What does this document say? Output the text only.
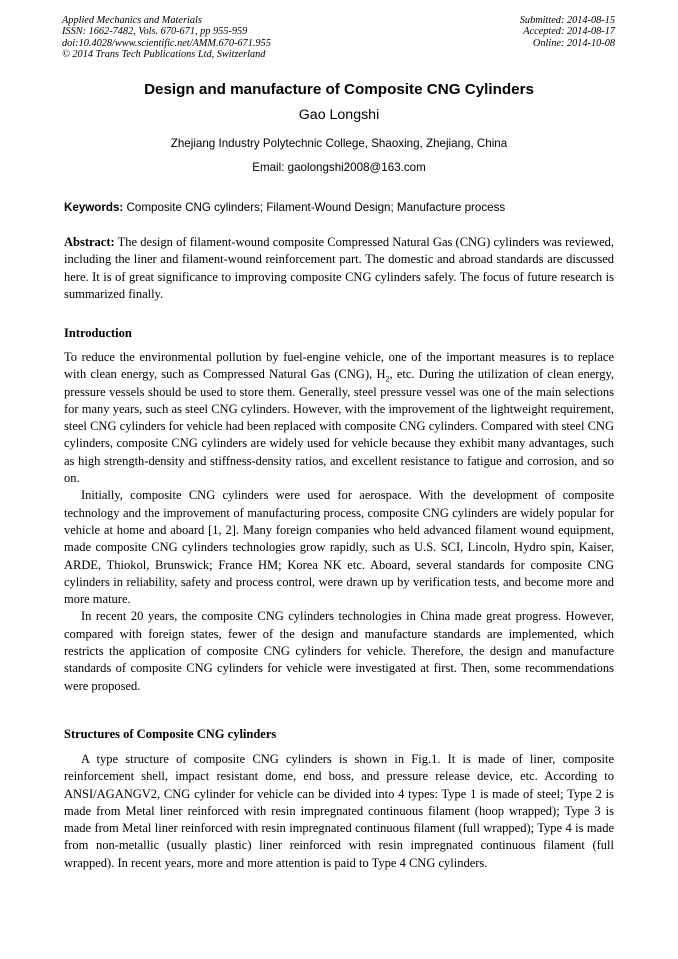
Applied Mechanics and Materials
ISSN: 1662-7482, Vols. 670-671, pp 955-959
doi:10.4028/www.scientific.net/AMM.670-671.955
© 2014 Trans Tech Publications Ltd, Switzerland
Submitted: 2014-08-15
Accepted: 2014-08-17
Online: 2014-10-08
Design and manufacture of Composite CNG Cylinders
Gao Longshi
Zhejiang Industry Polytechnic College, Shaoxing, Zhejiang, China
Email: gaolongshi2008@163.com
Keywords: Composite CNG cylinders; Filament-Wound Design; Manufacture process
Abstract: The design of filament-wound composite Compressed Natural Gas (CNG) cylinders was reviewed, including the liner and filament-wound reinforcement part. The domestic and abroad standards are discussed here. It is of great significance to improving composite CNG cylinders safely. The focus of future research is summarized finally.
Introduction

To reduce the environmental pollution by fuel-engine vehicle, one of the important measures is to replace with clean energy, such as Compressed Natural Gas (CNG), $H_2$, etc. During the utilization of clean energy, pressure vessels should be used to store them. Generally, steel pressure vessel was one of the main selections for many years, such as steel CNG cylinders. However, with the improvement of the lightweight requirement, steel CNG cylinders for vehicle had been replaced with composite CNG cylinders. Compared with steel CNG cylinders, composite CNG cylinders are widely used for vehicle because they exhibit many advantages, such as high strength-density and stiffness-density ratios, and excellent resistance to fatigue and corrosion, and so on.

Initially, composite CNG cylinders were used for aerospace. With the development of composite technology and the improvement of manufacturing process, composite CNG cylinders are widely popular for vehicle at home and aboard [1, 2]. Many foreign companies who held advanced filament wound equipment, made composite CNG cylinders technologies grow rapidly, such as U.S. SCI, Lincoln, Hydro spin, Kaiser, ARDE, Thiokol, Brunswick; France HM; Korea NK etc. Aboard, several standards for composite CNG cylinders in reliability, safety and process control, were drawn up by verification tests, and become more and more mature.

In recent 20 years, the composite CNG cylinders technologies in China made great progress. However, compared with foreign states, fewer of the design and manufacture standards are implemented, which restricts the application of composite CNG cylinders for vehicle. Therefore, the design and manufacture standards of composite CNG cylinders for vehicle were investigated at first. Then, some recommendations were proposed.

Structures of Composite CNG cylinders

A type structure of composite CNG cylinders is shown in Fig.1. It is made of liner, composite reinforcement shell, impact resistant dome, end boss, and pressure release device, etc. According to ANSI/AGANGV2, CNG cylinder for vehicle can be divided into 4 types: Type 1 is made of steel; Type 2 is made from Metal liner reinforced with resin impregnated continuous filament (hoop wrapped); Type 3 is made from Metal liner reinforced with resin impregnated continuous filament (full wrapped); Type 4 is made from non-metallic (usually plastic) liner reinforced with resin impregnated continuous filament (full wrapped). In recent years, more and more attention is paid to Type 4 CNG cylinders.
